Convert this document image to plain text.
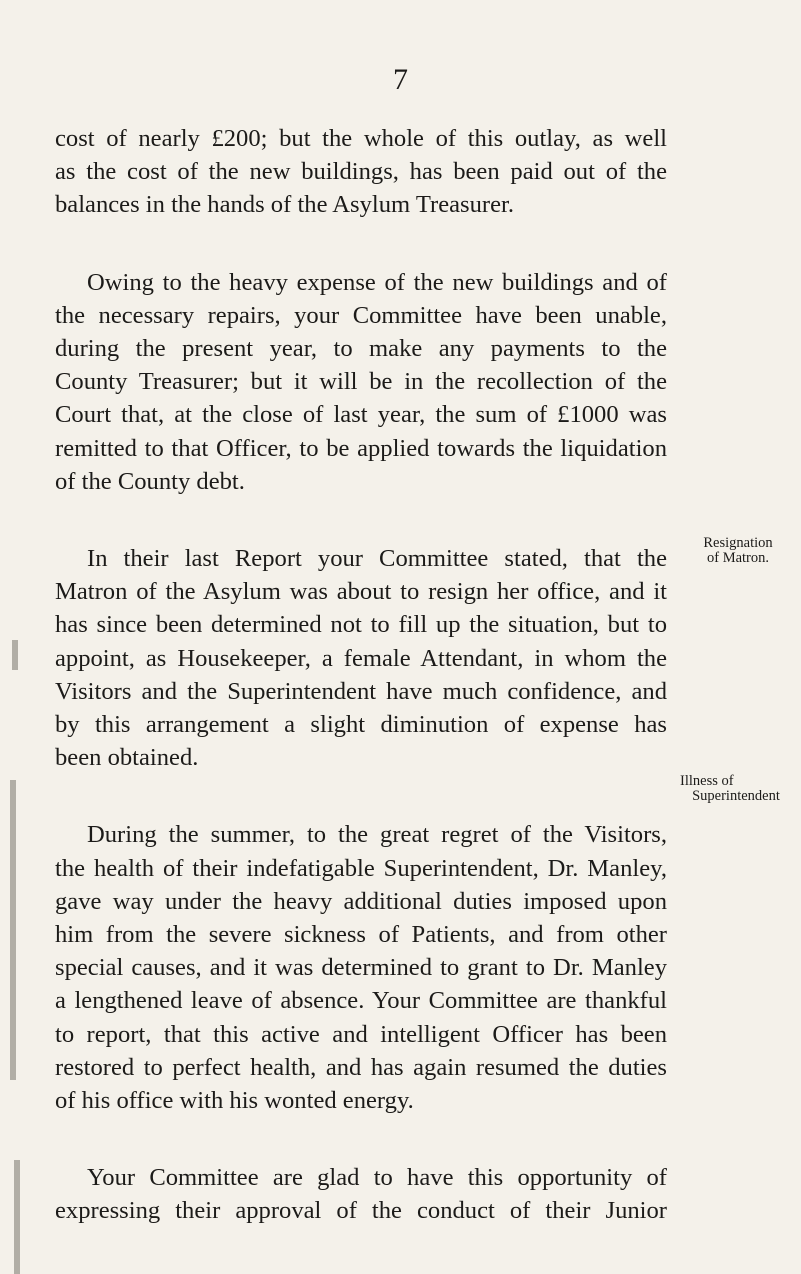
7

cost of nearly £200; but the whole of this outlay, as well
as the cost of the new buildings, has been paid out of the
balances in the hands of the Asylum Treasurer.

Owing to the heavy expense of the new buildings and of
the necessary repairs, your Committee have been unable,
during the present year, to make any payments to the
County Treasurer; but it will be in the recollection of the
Court that, at the close of last year, the sum of £1000 was
remitted to that Officer, to be applied towards the liquidation
of the County debt.

In their last Report your Committee stated, that the
Matron of the Asylum was about to resign her office, and it
has since been determined not to fill up the situation, but to
appoint, as Housekeeper, a female Attendant, in whom the
Visitors and the Superintendent have much confidence, and
by this arrangement a slight diminution of expense has
been obtained.

During the summer, to the great regret of the Visitors,
the health of their indefatigable Superintendent, Dr. Manley,
gave way under the heavy additional duties imposed upon
him from the severe sickness of Patients, and from other
special causes, and it was determined to grant to Dr. Manley
a lengthened leave of absence. Your Committee are thankful
to report, that this active and intelligent Officer has been
restored to perfect health, and has again resumed the duties
of his office with his wonted energy.

Your Committee are glad to have this opportunity of
expressing their approval of the conduct of their Junior

Resignation
of Matron.
Illness of
Superintendent
